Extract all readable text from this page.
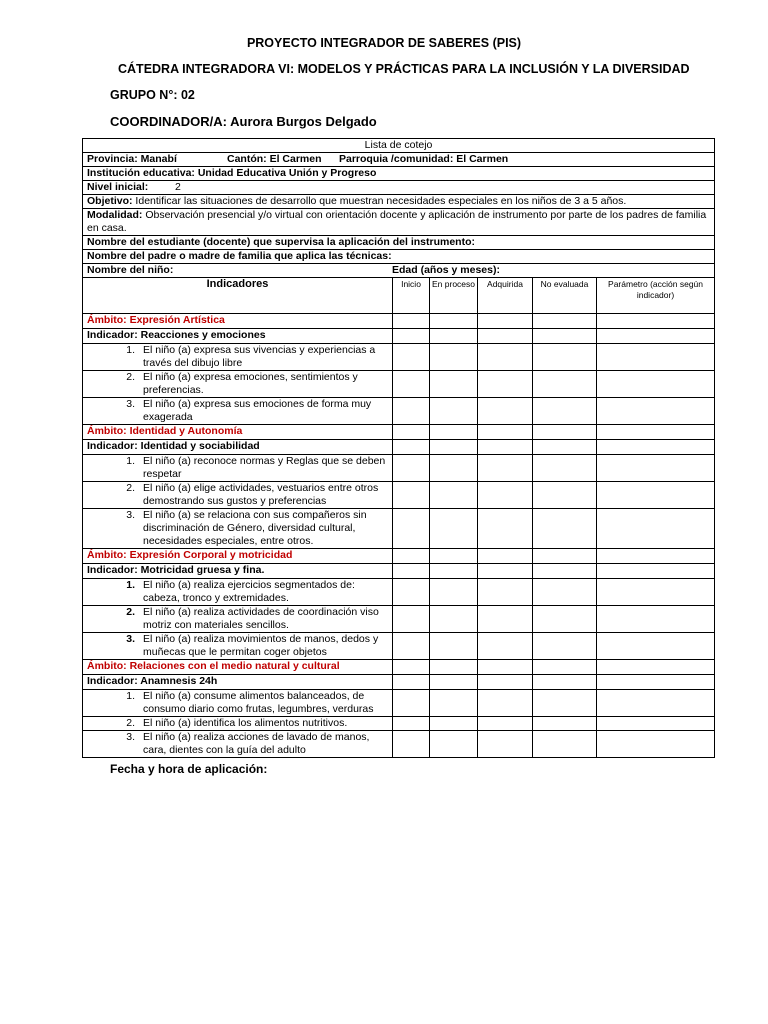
PROYECTO INTEGRADOR DE SABERES (PIS)
CÁTEDRA INTEGRADORA VI: MODELOS Y PRÁCTICAS PARA LA INCLUSIÓN Y LA DIVERSIDAD
GRUPO N°: 02
COORDINADOR/A: Aurora Burgos Delgado
Lista de cotejo					
Provincia: Manabí Cantón: El Carmen Parroquia /comunidad: El Carmen					
Institución educativa: Unidad Educativa Unión y Progreso					
Nivel inicial: 2					
Objetivo: Identificar las situaciones de desarrollo que muestran necesidades especiales en los niños de 3 a 5 años.					
Modalidad: Observación presencial y/o virtual con orientación docente y aplicación de instrumento por parte de los padres de familia en casa.					
Nombre del estudiante (docente) que supervisa la aplicación del instrumento:					
Nombre del padre o madre de familia que aplica las técnicas:					
Nombre del niño: Edad (años y meses):					
Indicadores	Inicio	En proceso	Adquirida	No evaluada	Parámetro (acción según indicador)
Ámbito: Expresión Artística					
Indicador: Reacciones y emociones					

1. El niño (a) expresa sus vivencias y experiencias a través del dibujo libre					

2. El niño (a) expresa emociones, sentimientos y preferencias.					

3. El niño (a) expresa sus emociones de forma muy exagerada					

Ámbito: Identidad y Autonomía					
Indicador: Identidad y sociabilidad					

1. El niño (a) reconoce normas y Reglas que se deben respetar					

2. El niño (a) elige actividades, vestuarios entre otros demostrando sus gustos y preferencias					

3. El niño (a) se relaciona con sus compañeros sin discriminación de Género, diversidad cultural, necesidades especiales, entre otros.					

Ámbito: Expresión Corporal y motricidad					
Indicador: Motricidad gruesa y fina.					

1. El niño (a) realiza ejercicios segmentados de: cabeza, tronco y extremidades.					

2. El niño (a) realiza actividades de coordinación viso motriz con materiales sencillos.					

3. El niño (a) realiza movimientos de manos, dedos y muñecas que le permitan coger objetos					

Ámbito: Relaciones con el medio natural y cultural					
Indicador: Anamnesis 24h					

1. El niño (a) consume alimentos balanceados, de consumo diario como frutas, legumbres, verduras					

2. El niño (a) identifica los alimentos nutritivos.					

3. El niño (a) realiza acciones de lavado de manos, cara, dientes con la guía del adulto					

Fecha y hora de aplicación:
